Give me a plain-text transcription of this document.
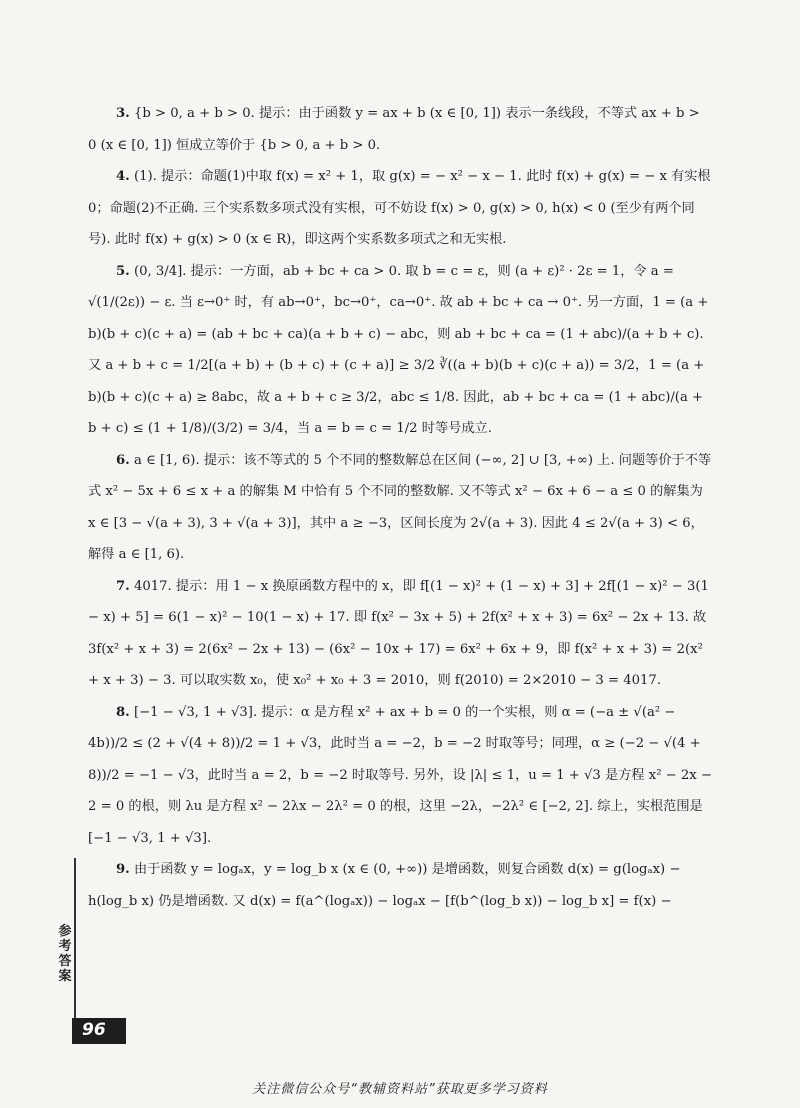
3. {b > 0, a + b > 0. 提示：由于函数 y = ax + b (x ∈ [0, 1]) 表示一条线段，不等式 ax + b > 0 (x ∈ [0, 1]) 恒成立等价于 {b > 0, a + b > 0.

4. (1). 提示：命题(1)中取 f(x) = x² + 1，取 g(x) = − x² − x − 1. 此时 f(x) + g(x) = − x 有实根 0；命题(2)不正确. 三个实系数多项式没有实根，可不妨设 f(x) > 0, g(x) > 0, h(x) < 0 (至少有两个同号). 此时 f(x) + g(x) > 0 (x ∈ R)，即这两个实系数多项式之和无实根.

5. (0, 3/4]. 提示：一方面，ab + bc + ca > 0. 取 b = c = ε，则 (a + ε)² · 2ε = 1，令 a = √(1/(2ε)) − ε. 当 ε→0⁺ 时，有 ab→0⁺，bc→0⁺，ca→0⁺. 故 ab + bc + ca → 0⁺. 另一方面，1 = (a + b)(b + c)(c + a) = (ab + bc + ca)(a + b + c) − abc，则 ab + bc + ca = (1 + abc)/(a + b + c). 又 a + b + c = 1/2[(a + b) + (b + c) + (c + a)] ≥ 3/2 ∛((a + b)(b + c)(c + a)) = 3/2，1 = (a + b)(b + c)(c + a) ≥ 8abc，故 a + b + c ≥ 3/2，abc ≤ 1/8. 因此，ab + bc + ca = (1 + abc)/(a + b + c) ≤ (1 + 1/8)/(3/2) = 3/4，当 a = b = c = 1/2 时等号成立.

6. a ∈ [1, 6). 提示：该不等式的 5 个不同的整数解总在区间 (−∞, 2] ∪ [3, +∞) 上. 问题等价于不等式 x² − 5x + 6 ≤ x + a 的解集 M 中恰有 5 个不同的整数解. 又不等式 x² − 6x + 6 − a ≤ 0 的解集为 x ∈ [3 − √(a + 3), 3 + √(a + 3)]，其中 a ≥ −3，区间长度为 2√(a + 3). 因此 4 ≤ 2√(a + 3) < 6，解得 a ∈ [1, 6).

7. 4017. 提示：用 1 − x 换原函数方程中的 x，即 f[(1 − x)² + (1 − x) + 3] + 2f[(1 − x)² − 3(1 − x) + 5] = 6(1 − x)² − 10(1 − x) + 17. 即 f(x² − 3x + 5) + 2f(x² + x + 3) = 6x² − 2x + 13. 故 3f(x² + x + 3) = 2(6x² − 2x + 13) − (6x² − 10x + 17) = 6x² + 6x + 9，即 f(x² + x + 3) = 2(x² + x + 3) − 3. 可以取实数 x₀，使 x₀² + x₀ + 3 = 2010，则 f(2010) = 2×2010 − 3 = 4017.

8. [−1 − √3, 1 + √3]. 提示：α 是方程 x² + ax + b = 0 的一个实根，则 α = (−a ± √(a² − 4b))/2 ≤ (2 + √(4 + 8))/2 = 1 + √3，此时当 a = −2，b = −2 时取等号；同理，α ≥ (−2 − √(4 + 8))/2 = −1 − √3，此时当 a = 2，b = −2 时取等号. 另外，设 |λ| ≤ 1，u = 1 + √3 是方程 x² − 2x − 2 = 0 的根，则 λu 是方程 x² − 2λx − 2λ² = 0 的根，这里 −2λ，−2λ² ∈ [−2, 2]. 综上，实根范围是 [−1 − √3, 1 + √3].

9. 由于函数 y = logₐx，y = log_b x (x ∈ (0, +∞)) 是增函数，则复合函数 d(x) = g(logₐx) − h(log_b x) 仍是增函数. 又 d(x) = f(a^(logₐx)) − logₐx − [f(b^(log_b x)) − log_b x] = f(x) −

参考答案
96
关注微信公众号“教辅资料站”获取更多学习资料
